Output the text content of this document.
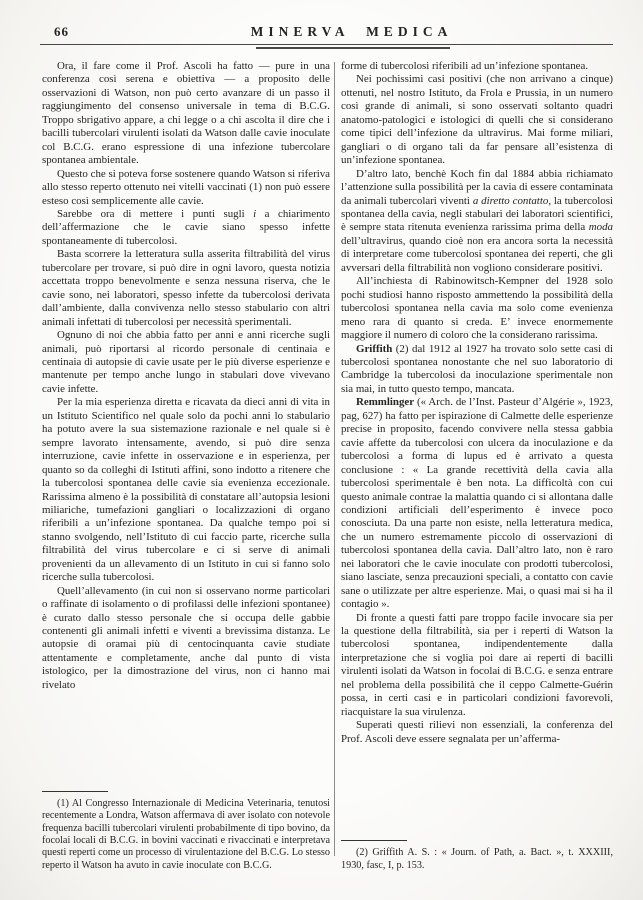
66	MINERVA MEDICA

Ora, il fare come il Prof. Ascoli ha fatto — pure in una conferenza così serena e obiettiva — a proposito delle osservazioni di Watson, non può certo avanzare di un passo il raggiungimento del consenso universale in tema di B.C.G. Troppo sbrigativo appare, a chi legge o a chi ascolta il dire che i bacilli tubercolari virulenti isolati da Watson dalle cavie inoculate col B.C.G. erano espressione di una infezione tubercolare spontanea ambientale.

Questo che si poteva forse sostenere quando Watson si riferiva allo stesso reperto ottenuto nei vitelli vaccinati (1) non può essere esteso così semplicemente alle cavie.

Sarebbe ora di mettere i punti sugli i a chiarimento dell’affermazione che le cavie siano spesso infette spontaneamente di tubercolosi.

Basta scorrere la letteratura sulla asserita filtrabilità del virus tubercolare per trovare, si può dire in ogni lavoro, questa notizia accettata troppo benevolmente e senza nessuna riserva, che le cavie sono, nei laboratori, spesso infette da tubercolosi derivata dall’ambiente, dalla convivenza nello stesso stabulario con altri animali infettati di tubercolosi per necessità sperimentali.

Ognuno di noi che abbia fatto per anni e anni ricerche sugli animali, può riportarsi al ricordo personale di centinaia e centinaia di autopsie di cavie usate per le più diverse esperienze e mantenute per tempo anche lungo in stabulari dove vivevano cavie infette.

Per la mia esperienza diretta e ricavata da dieci anni di vita in un Istituto Scientifico nel quale solo da pochi anni lo stabulario ha potuto avere la sua sistemazione razionale e nel quale si è sempre lavorato intensamente, avendo, si può dire senza interruzione, cavie infette in osservazione e in esperienza, per quanto so da colleghi di Istituti affini, sono indotto a ritenere che la tubercolosi spontanea delle cavie sia evenienza eccezionale. Rarissima almeno è la possibilità di constatare all’autopsia lesioni miliariche, tumefazioni gangliari o localizzazioni di organo riferibili a un’infezione spontanea. Da qualche tempo poi si stanno svolgendo, nell’Istituto di cui faccio parte, ricerche sulla filtrabilità del virus tubercolare e ci si serve di animali provenienti da un allevamento di un Istituto in cui si fanno solo ricerche sulla tubercolosi.

Quell’allevamento (in cui non si osservano norme particolari o raffinate di isolamento o di profilassi delle infezioni spontanee) è curato dallo stesso personale che si occupa delle gabbie contenenti gli animali infetti e viventi a brevissima distanza. Le autopsie di oramai più di centocinquanta cavie studiate attentamente e completamente, anche dal punto di vista istologico, per la dimostrazione del virus, non ci hanno mai rivelato

(1) Al Congresso Internazionale di Medicina Veterinaria, tenutosi recentemente a Londra, Watson affermava di aver isolato con notevole frequenza bacilli tubercolari virulenti probabilmente di tipo bovino, da focolai locali di B.C.G. in bovini vaccinati e rivaccinati e interpretava questi reperti come un processo di virulentazione del B.C.G. Lo stesso reperto il Watson ha avuto in cavie inoculate con B.C.G.

forme di tubercolosi riferibili ad un’infezione spontanea.

Nei pochissimi casi positivi (che non arrivano a cinque) ottenuti, nel nostro Istituto, da Frola e Prussia, in un numero così grande di animali, si sono osservati soltanto quadri anatomo-patologici e istologici di quelli che si considerano come tipici dell’infezione da ultravirus. Mai forme miliari, gangliari o di organo tali da far pensare all’esistenza di un’infezione spontanea.

D’altro lato, benchè Koch fin dal 1884 abbia richiamato l’attenzione sulla possibilità per la cavia di essere contaminata da animali tubercolari viventi a diretto contatto, la tubercolosi spontanea della cavia, negli stabulari dei laboratori scientifici, è sempre stata ritenuta evenienza rarissima prima della moda dell’ultravirus, quando cioè non era ancora sorta la necessità di interpretare come tubercolosi spontanea dei reperti, che gli avversari della filtrabilità non vogliono considerare positivi.

All’inchiesta di Rabinowitsch-Kempner del 1928 solo pochi studiosi hanno risposto ammettendo la possibilità della tubercolosi spontanea nella cavia ma solo come evenienza meno rara di quanto si creda. E’ invece enormemente maggiore il numero di coloro che la considerano rarissima.

Griffith (2) dal 1912 al 1927 ha trovato solo sette casi di tubercolosi spontanea nonostante che nel suo laboratorio di Cambridge la tubercolosi da inoculazione sperimentale non sia mai, in tutto questo tempo, mancata.

Remmlinger (« Arch. de l’Inst. Pasteur d’Algérie », 1923, pag, 627) ha fatto per ispirazione di Calmette delle esperienze precise in proposito, facendo convivere nella stessa gabbia cavie affette da tubercolosi con ulcera da inoculazione e da tubercolosi a forma di lupus ed è arrivato a questa conclusione : « La grande recettività della cavia alla tubercolosi sperimentale è ben nota. La difficoltà con cui questo animale contrae la malattia quando ci si allontana dalle condizioni artificiali dell’esperimento è invece poco conosciuta. Da una parte non esiste, nella letteratura medica, che un numero estremamente piccolo di osservazioni di tubercolosi spontanea della cavia. Dall’altro lato, non è raro nei laboratori che le cavie inoculate con prodotti tubercolosi, siano lasciate, senza precauzioni speciali, a contatto con cavie sane o utilizzate per altre esperienze. Mai, o quasi mai si ha il contagio ».

Di fronte a questi fatti pare troppo facile invocare sia per la questione della filtrabilità, sia per i reperti di Watson la tubercolosi spontanea, indipendentemente dalla interpretazione che si voglia poi dare ai reperti di bacilli virulenti isolati da Watson in focolai di B.C.G. e senza entrare nel problema della possibilità che il ceppo Calmette-Guérin possa, in certi casi e in particolari condizioni favorevoli, riacquistare la sua virulenza.

Superati questi rilievi non essenziali, la conferenza del Prof. Ascoli deve essere segnalata per un’afferma-

(2) Griffith A. S. : « Journ. of Path, a. Bact. », t. XXXIII, 1930, fasc, I, p. 153.
